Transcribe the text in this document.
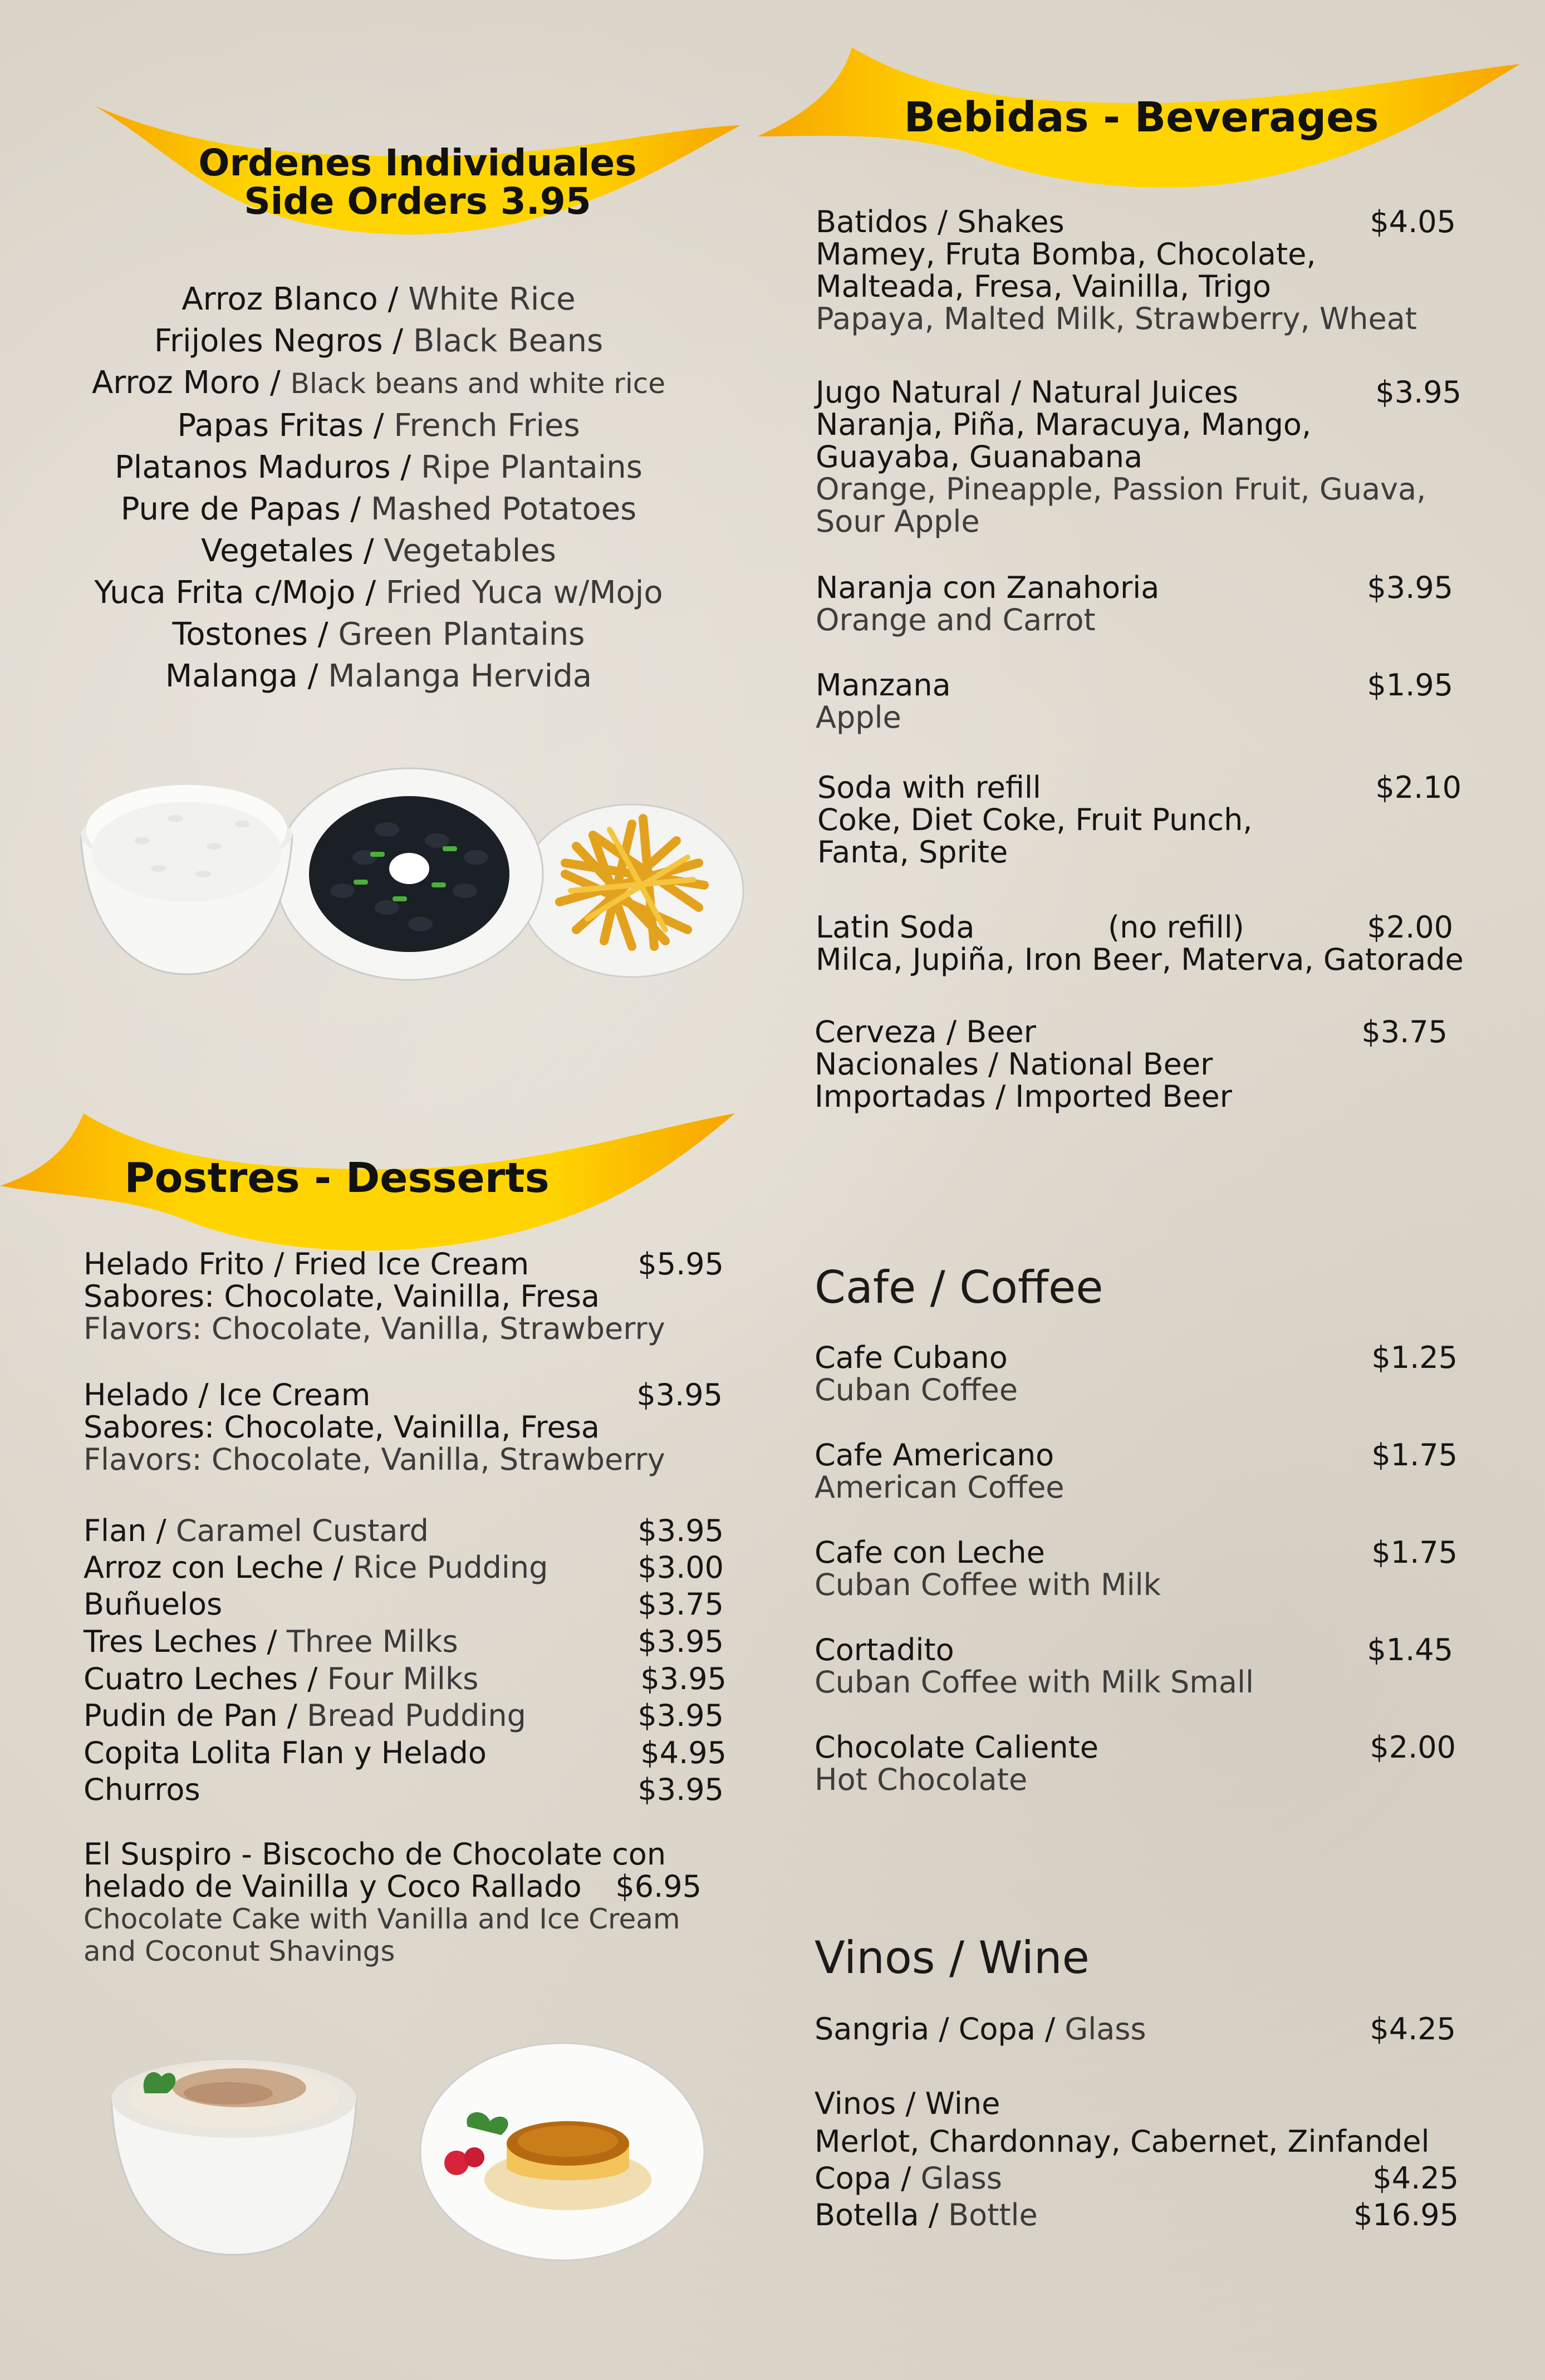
Ordenes Individuales
Side Orders 3.95
Arroz Blanco / White Rice
Frijoles Negros / Black Beans
Arroz Moro / Black beans and white rice
Papas Fritas / French Fries
Platanos Maduros / Ripe Plantains
Pure de Papas / Mashed Potatoes
Vegetales / Vegetables
Yuca Frita c/Mojo / Fried Yuca w/Mojo
Tostones / Green Plantains
Malanga / Malanga Hervida
Bebidas - Beverages
Batidos / Shakes	$4.05
Mamey, Fruta Bomba, Chocolate,
Malteada, Fresa, Vainilla, Trigo
Papaya, Malted Milk, Strawberry, Wheat
Jugo Natural / Natural Juices	$3.95
Naranja, Piña, Maracuya, Mango,
Guayaba, Guanabana
Orange, Pineapple, Passion Fruit, Guava,
Sour Apple
Naranja con Zanahoria	$3.95
Orange and Carrot
Manzana	$1.95
Apple
Soda with refill	$2.10
Coke, Diet Coke, Fruit Punch,
Fanta, Sprite
Latin Soda	(no refill)	$2.00
Milca, Jupiña, Iron Beer, Materva, Gatorade
Cerveza / Beer	$3.75
Nacionales / National Beer
Importadas / Imported Beer
Postres - Desserts
Helado Frito / Fried Ice Cream	$5.95
Sabores: Chocolate, Vainilla, Fresa
Flavors: Chocolate, Vanilla, Strawberry
Helado / Ice Cream	$3.95
Sabores: Chocolate, Vainilla, Fresa
Flavors: Chocolate, Vanilla, Strawberry
Flan / Caramel Custard	$3.95
Arroz con Leche / Rice Pudding	$3.00
Buñuelos	$3.75
Tres Leches / Three Milks	$3.95
Cuatro Leches / Four Milks	$3.95
Pudin de Pan / Bread Pudding	$3.95
Copita Lolita Flan y Helado	$4.95
Churros	$3.95
El Suspiro - Biscocho de Chocolate con
helado de Vainilla y Coco Rallado $6.95
Chocolate Cake with Vanilla and Ice Cream
and Coconut Shavings
Cafe / Coffee
Cafe Cubano	$1.25
Cuban Coffee
Cafe Americano	$1.75
American Coffee
Cafe con Leche	$1.75
Cuban Coffee with Milk
Cortadito	$1.45
Cuban Coffee with Milk Small
Chocolate Caliente	$2.00
Hot Chocolate
Vinos / Wine
Sangria / Copa / Glass	$4.25
Vinos / Wine
Merlot, Chardonnay, Cabernet, Zinfandel
Copa / Glass	$4.25
Botella / Bottle	$16.95
